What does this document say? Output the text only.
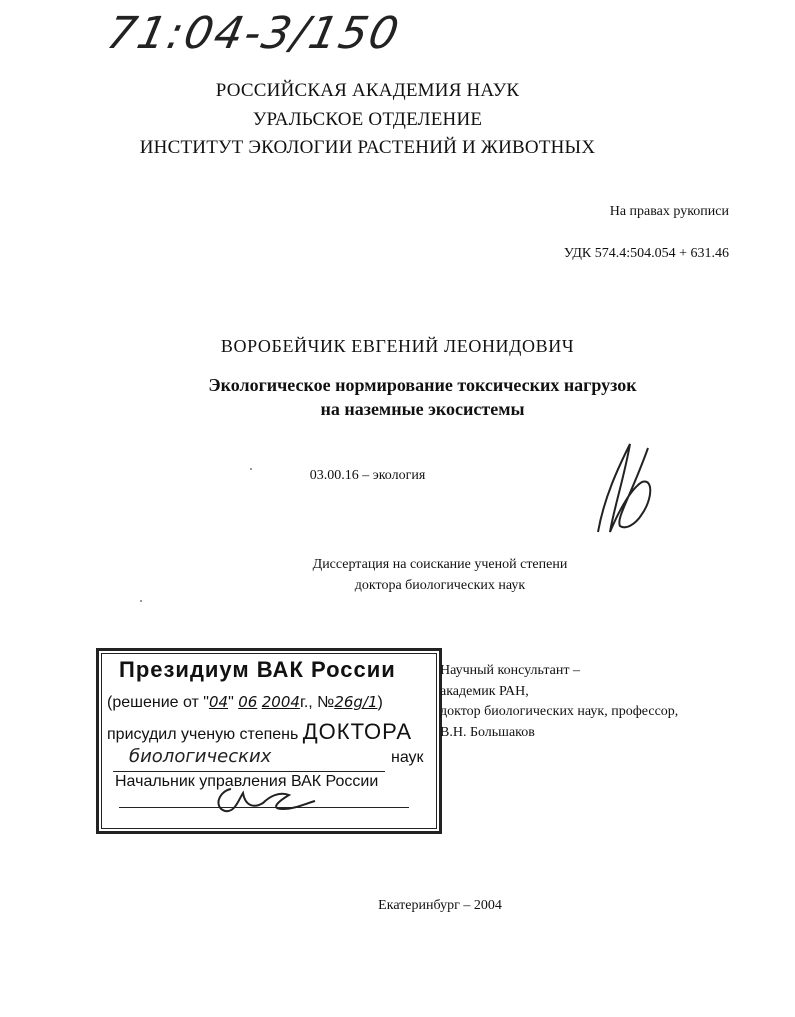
71:04-3/150
РОССИЙСКАЯ АКАДЕМИЯ НАУК
УРАЛЬСКОЕ ОТДЕЛЕНИЕ
ИНСТИТУТ ЭКОЛОГИИ РАСТЕНИЙ И ЖИВОТНЫХ
На правах рукописи
УДК 574.4:504.054 + 631.46
ВОРОБЕЙЧИК ЕВГЕНИЙ ЛЕОНИДОВИЧ
Экологическое нормирование токсических нагрузок
на наземные экосистемы
03.00.16 – экология
Диссертация на соискание ученой степени
доктора биологических наук
Президиум ВАК России
(решение от "04" 06 2004г., №26g/1)
присудил ученую степень ДОКТОРА
биологических	наук
Начальник управления ВАК России
Научный консультант –
академик РАН,
доктор биологических наук, профессор,
В.Н. Большаков
Екатеринбург – 2004
